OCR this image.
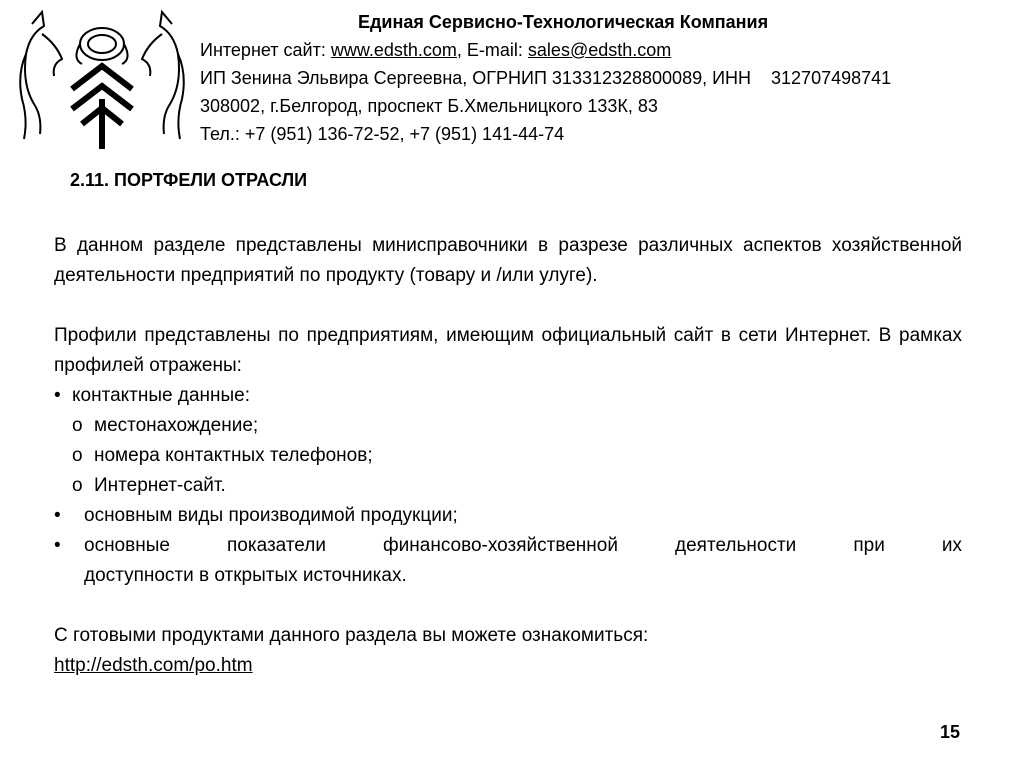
Единая Сервисно-Технологическая Компания
Интернет сайт: www.edsth.com, E-mail: sales@edsth.com
ИП Зенина Эльвира Сергеевна, ОГРНИП 313312328800089, ИНН    312707498741
308002, г.Белгород, проспект Б.Хмельницкого 133К, 83
Тел.: +7 (951) 136-72-52, +7 (951) 141-44-74
2.11. ПОРТФЕЛИ ОТРАСЛИ

В данном разделе представлены минисправочники в разрезе различных аспектов хозяйственной деятельности предприятий по продукту (товару и /или улуге).

Профили представлены по предприятиям, имеющим официальный сайт в сети Интернет. В рамках профилей отражены:

• контактные данные:
o местонахождение;
o номера контактных телефонов;
o Интернет-сайт.
•	основным виды производимой продукции;
•	основные показатели финансово-хозяйственной деятельности при их
доступности в открытых источниках.

С готовыми продуктами данного раздела вы можете ознакомиться:

http://edsth.com/po.htm
15
